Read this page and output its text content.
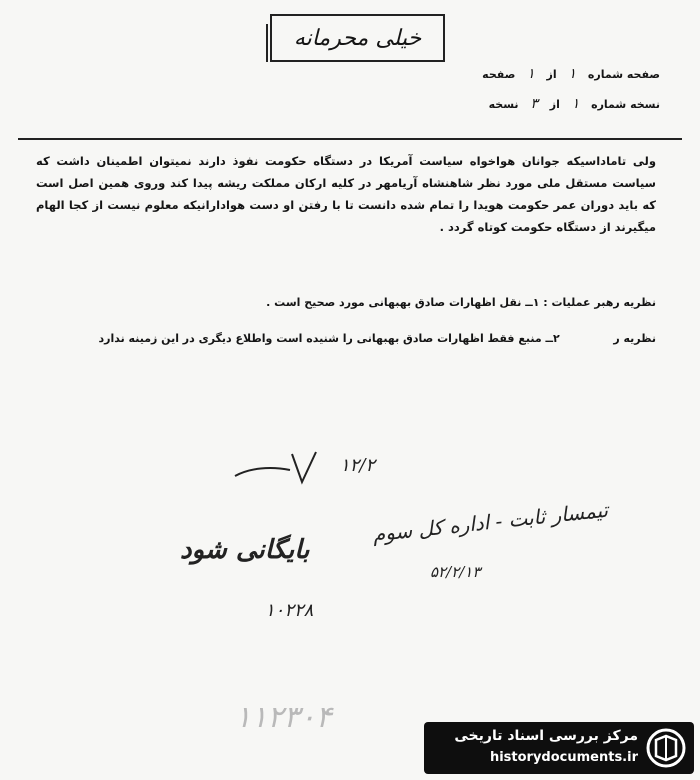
خیلی محرمانه
صفحه شماره ۱ از ۱ صفحه
نسخه شماره ۱ از ۳ نسخه
ولی تاماداسیکه جوانان هواخواه سیاست آمریکا در دستگاه حکومت نفوذ دارند نمیتوان اطمینان داشت که سیاست مستقل ملی مورد نظر شاهنشاه آریامهر در کلیه ارکان مملکت ریشه پیدا کند وروی همین اصل است که باید دوران عمر حکومت هویدا را تمام شده دانست تا با رفتن او دست هوادارانیکه معلوم نیست از کجا الهام میگیرند از دستگاه حکومت کوتاه گردد .
نظریه رهبر عملیات : ۱ــ نقل اظهارات صادق بهبهانی مورد صحیح است .
نظریه ر              ۲ــ منبع فقط اظهارات صادق بهبهانی را شنیده است واطلاع دیگری در این زمینه ندارد
۱۲/۲
تیمسار ثابت - اداره کل سوم
۵۲/۲/۱۳
بایگانی شود
۱۰۲۲۸
۱۱۲۳۰۴
مرکز بررسی اسناد تاریخی
historydocuments.ir
